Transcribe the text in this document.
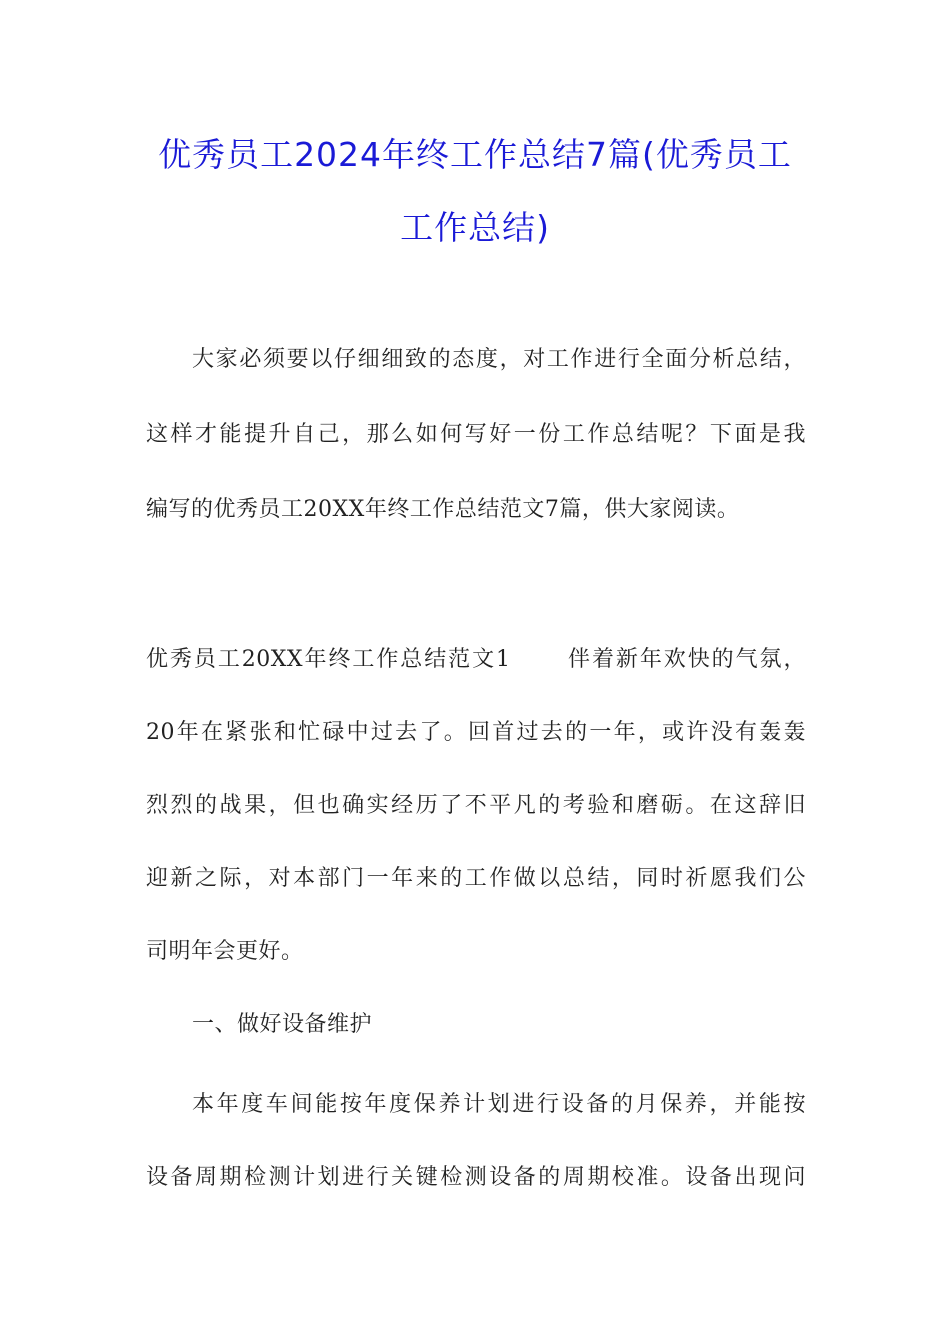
优秀员工2024年终工作总结7篇(优秀员工
工作总结)
大家必须要以仔细细致的态度，对工作进行全面分析总结，
这样才能提升自己，那么如何写好一份工作总结呢？下面是我
编写的优秀员工20XX年终工作总结范文7篇，供大家阅读。
优秀员工20XX年终工作总结范文1	伴着新年欢快的气氛，
20年在紧张和忙碌中过去了。回首过去的一年，或许没有轰轰
烈烈的战果，但也确实经历了不平凡的考验和磨砺。在这辞旧
迎新之际，对本部门一年来的工作做以总结，同时祈愿我们公
司明年会更好。
一、做好设备维护
本年度车间能按年度保养计划进行设备的月保养，并能按
设备周期检测计划进行关键检测设备的周期校准。设备出现问
